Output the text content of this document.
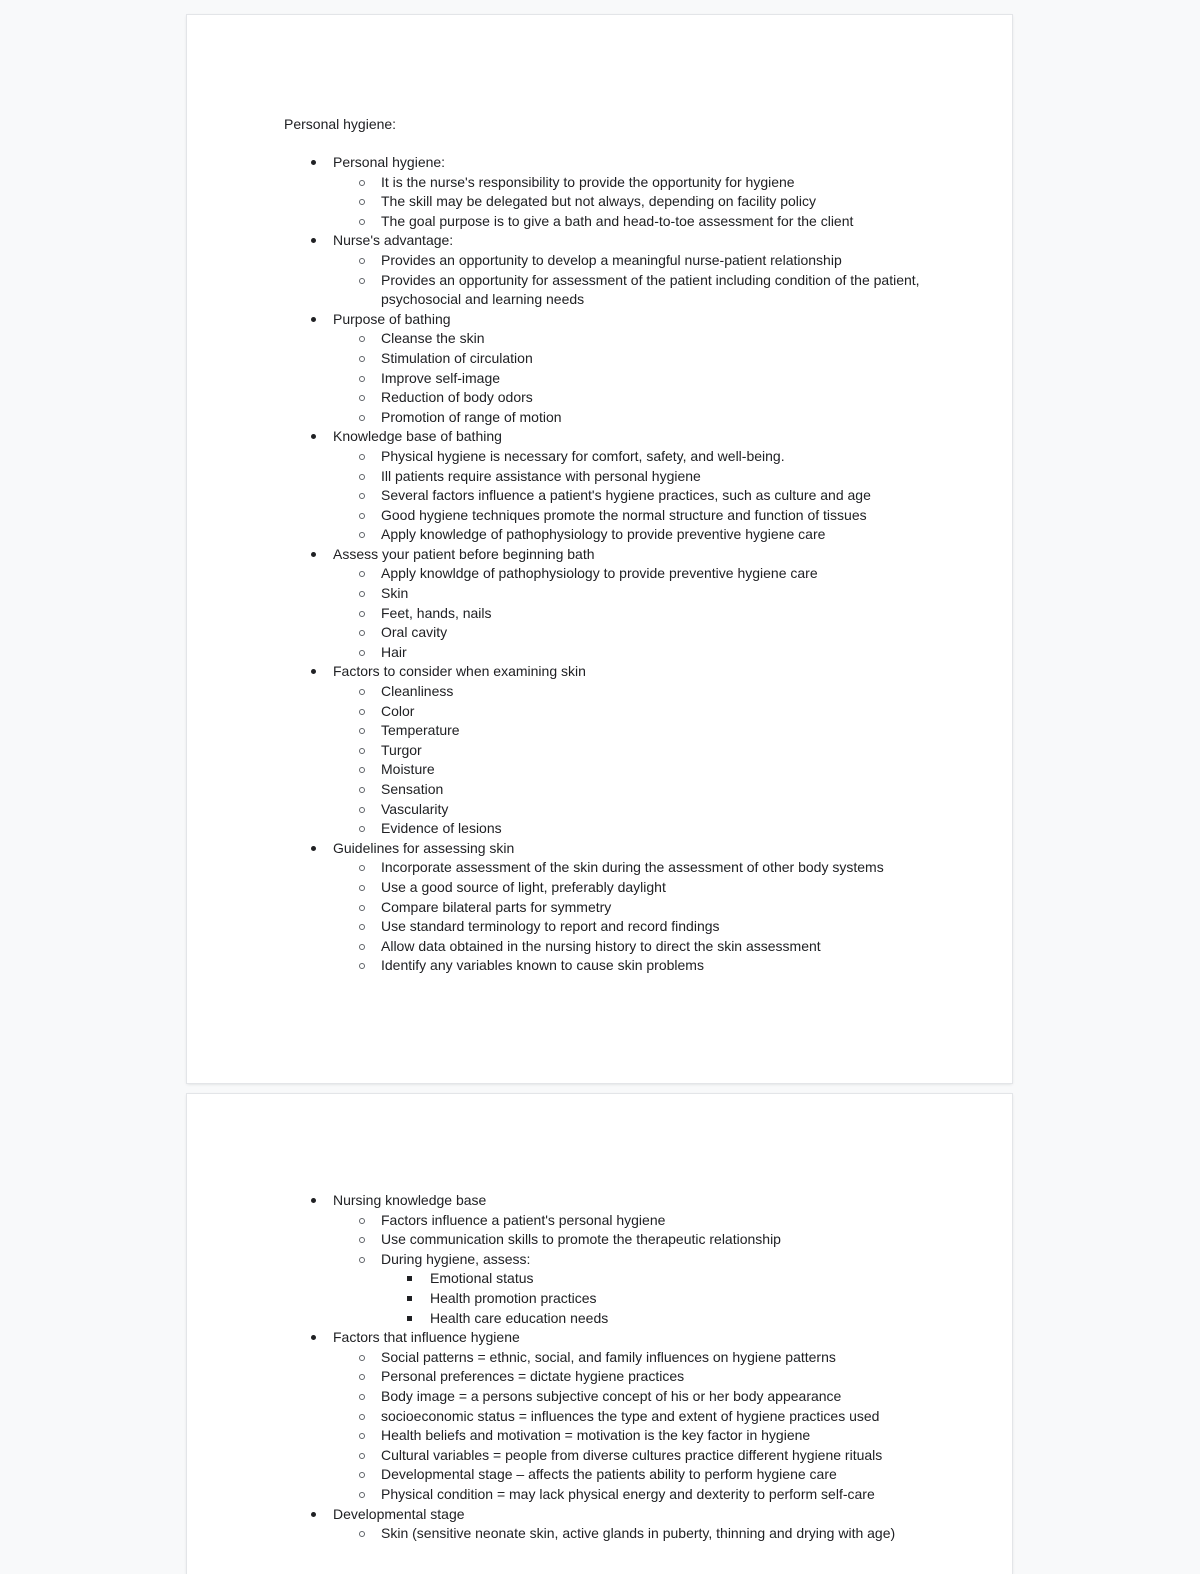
Personal hygiene:

Personal hygiene:
It is the nurse's responsibility to provide the opportunity for hygiene
The skill may be delegated but not always, depending on facility policy
The goal purpose is to give a bath and head-to-toe assessment for the client
Nurse's advantage:
Provides an opportunity to develop a meaningful nurse-patient relationship
Provides an opportunity for assessment of the patient including condition of the patient, psychosocial and learning needs
Purpose of bathing
Cleanse the skin
Stimulation of circulation
Improve self-image
Reduction of body odors
Promotion of range of motion
Knowledge base of bathing
Physical hygiene is necessary for comfort, safety, and well-being.
Ill patients require assistance with personal hygiene
Several factors influence a patient's hygiene practices, such as culture and age
Good hygiene techniques promote the normal structure and function of tissues
Apply knowledge of pathophysiology to provide preventive hygiene care
Assess your patient before beginning bath
Apply knowldge of pathophysiology to provide preventive hygiene care
Skin
Feet, hands, nails
Oral cavity
Hair
Factors to consider when examining skin
Cleanliness
Color
Temperature
Turgor
Moisture
Sensation
Vascularity
Evidence of lesions
Guidelines for assessing skin
Incorporate assessment of the skin during the assessment of other body systems
Use a good source of light, preferably daylight
Compare bilateral parts for symmetry
Use standard terminology to report and record findings
Allow data obtained in the nursing history to direct the skin assessment
Identify any variables known to cause skin problems
Nursing knowledge base
Factors influence a patient's personal hygiene
Use communication skills to promote the therapeutic relationship
During hygiene, assess:
Emotional status
Health promotion practices
Health care education needs
Factors that influence hygiene
Social patterns = ethnic, social, and family influences on hygiene patterns
Personal preferences = dictate hygiene practices
Body image = a persons subjective concept of his or her body appearance
socioeconomic status = influences the type and extent of hygiene practices used
Health beliefs and motivation = motivation is the key factor in hygiene
Cultural variables = people from diverse cultures practice different hygiene rituals
Developmental stage – affects the patients ability to perform hygiene care
Physical condition = may lack physical energy and dexterity to perform self-care
Developmental stage
Skin (sensitive neonate skin, active glands in puberty, thinning and drying with age)
